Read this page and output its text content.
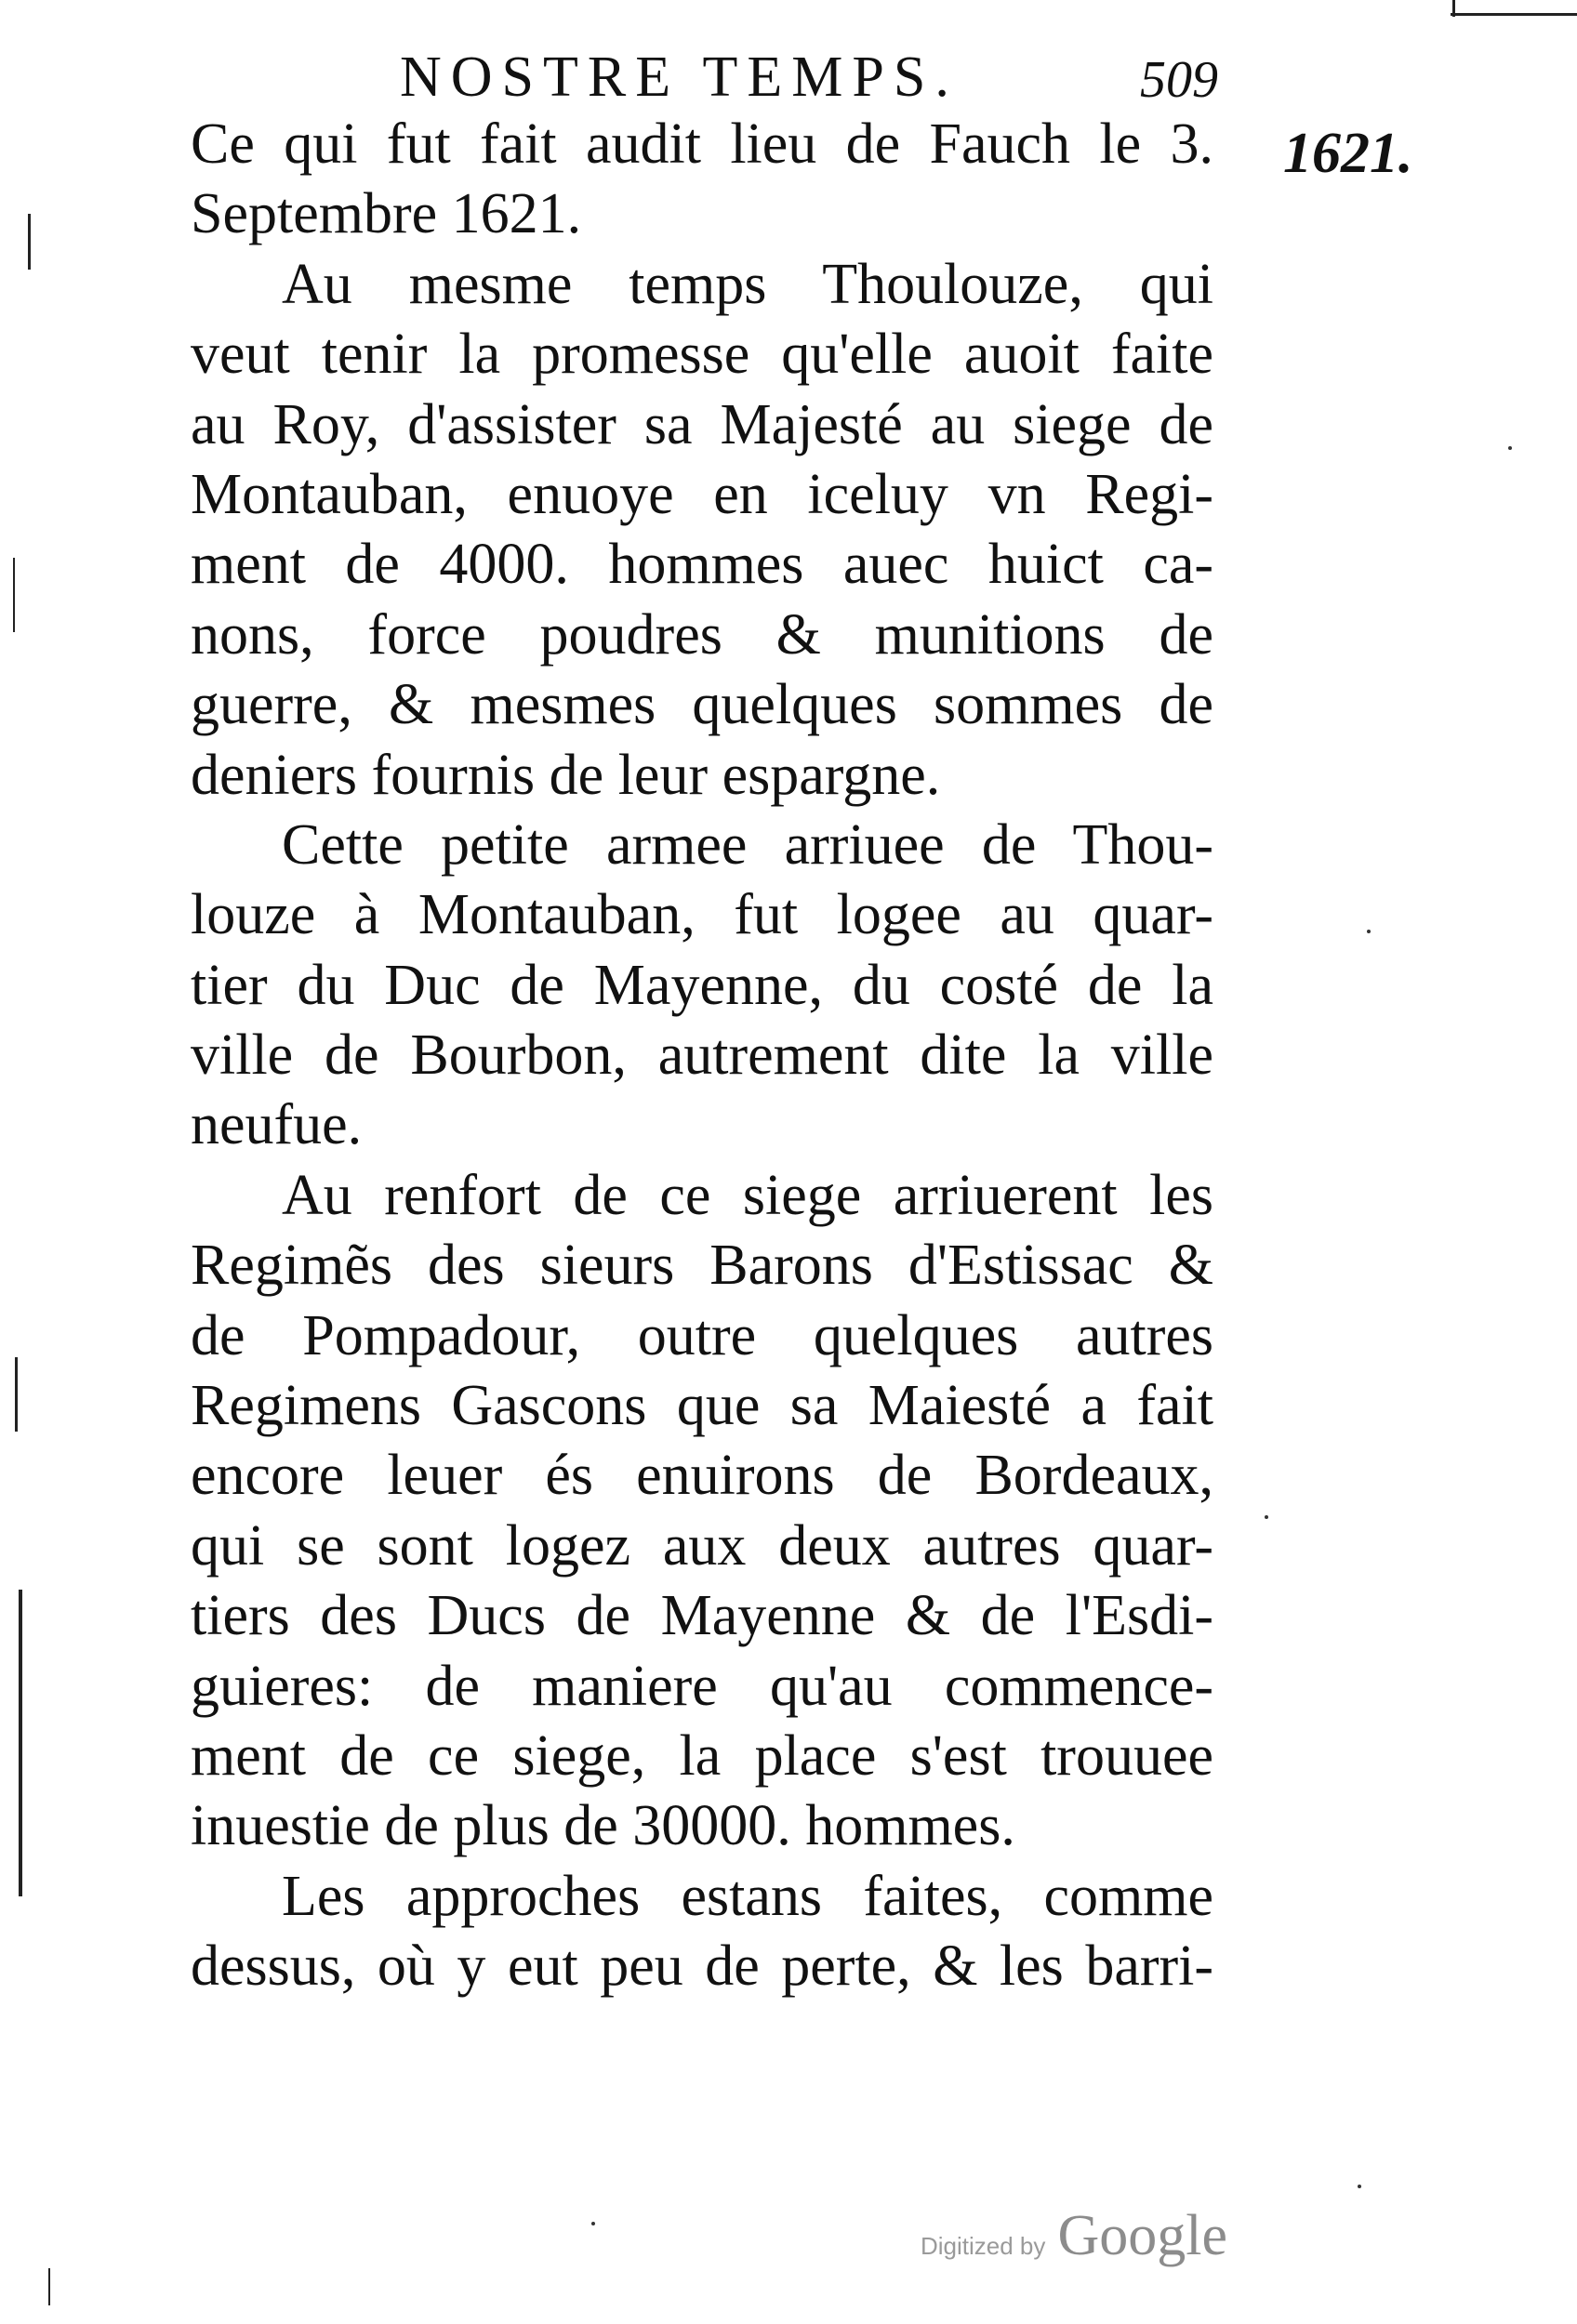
NOSTRE TEMPS.	509
1621.
Ce qui fut fait audit lieu de Fauch le 3.
Septembre 1621.
Au mesme temps Thoulouze, qui
veut tenir la promesse qu'elle auoit faite
au Roy, d'assister sa Majesté au siege de
Montauban, enuoye en iceluy vn Regi-
ment de 4000. hommes auec huict ca-
nons, force poudres & munitions de
guerre, & mesmes quelques sommes de
deniers fournis de leur espargne.
Cette petite armee arriuee de Thou-
louze à Montauban, fut logee au quar-
tier du Duc de Mayenne, du costé de la
ville de Bourbon, autrement dite la ville
neufue.
Au renfort de ce siege arriuerent les
Regimẽs des sieurs Barons d'Estissac &
de Pompadour, outre quelques autres
Regimens Gascons que sa Maiesté a fait
encore leuer és enuirons de Bordeaux,
qui se sont logez aux deux autres quar-
tiers des Ducs de Mayenne & de l'Esdi-
guieres: de maniere qu'au commence-
ment de ce siege, la place s'est trouuee
inuestie de plus de 30000. hommes.
Les approches estans faites, comme
dessus, où y eut peu de perte, & les barri-
Digitized by Google
